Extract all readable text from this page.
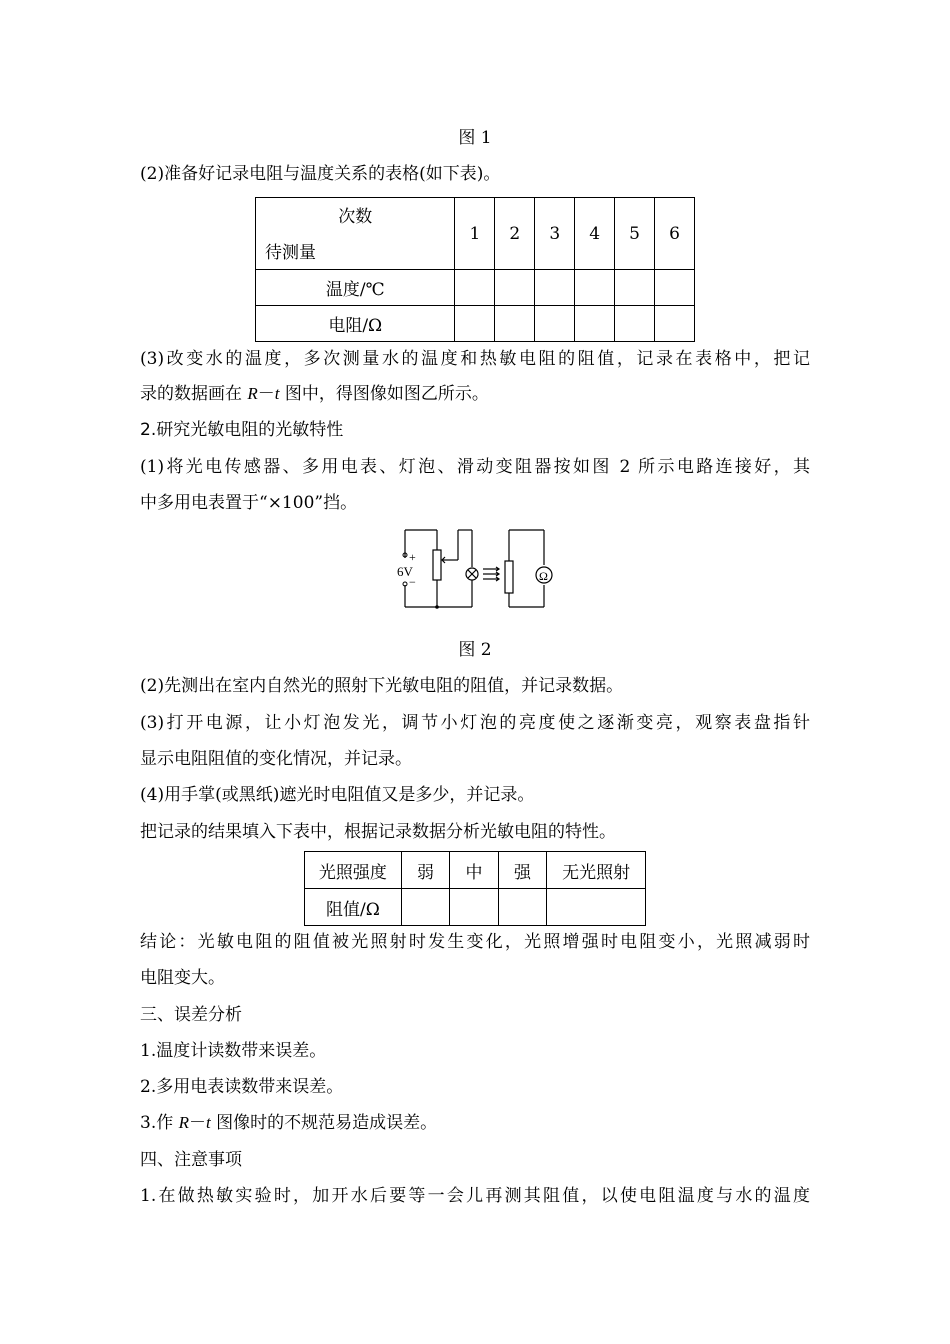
图 1
(2)准备好记录电阻与温度关系的表格(如下表)。
次数
待测量	1	2	3	4	5	6
温度/℃						
电阻/Ω						
(3)改变水的温度，多次测量水的温度和热敏电阻的阻值，记录在表格中，把记
录的数据画在 R－t 图中，得图像如图乙所示。
2.研究光敏电阻的光敏特性
(1)将光电传感器、多用电表、灯泡、滑动变阻器按如图 2 所示电路连接好，其
中多用电表置于“×100”挡。
+
6V
−	Ω
图 2
(2)先测出在室内自然光的照射下光敏电阻的阻值，并记录数据。
(3)打开电源，让小灯泡发光，调节小灯泡的亮度使之逐渐变亮，观察表盘指针
显示电阻阻值的变化情况，并记录。
(4)用手掌(或黑纸)遮光时电阻值又是多少，并记录。
把记录的结果填入下表中，根据记录数据分析光敏电阻的特性。
光照强度	弱	中	强	无光照射
阻值/Ω				
结论：光敏电阻的阻值被光照射时发生变化，光照增强时电阻变小，光照减弱时
电阻变大。
三、误差分析
1.温度计读数带来误差。
2.多用电表读数带来误差。
3.作 R－t 图像时的不规范易造成误差。
四、注意事项
1.在做热敏实验时，加开水后要等一会儿再测其阻值，以使电阻温度与水的温度
